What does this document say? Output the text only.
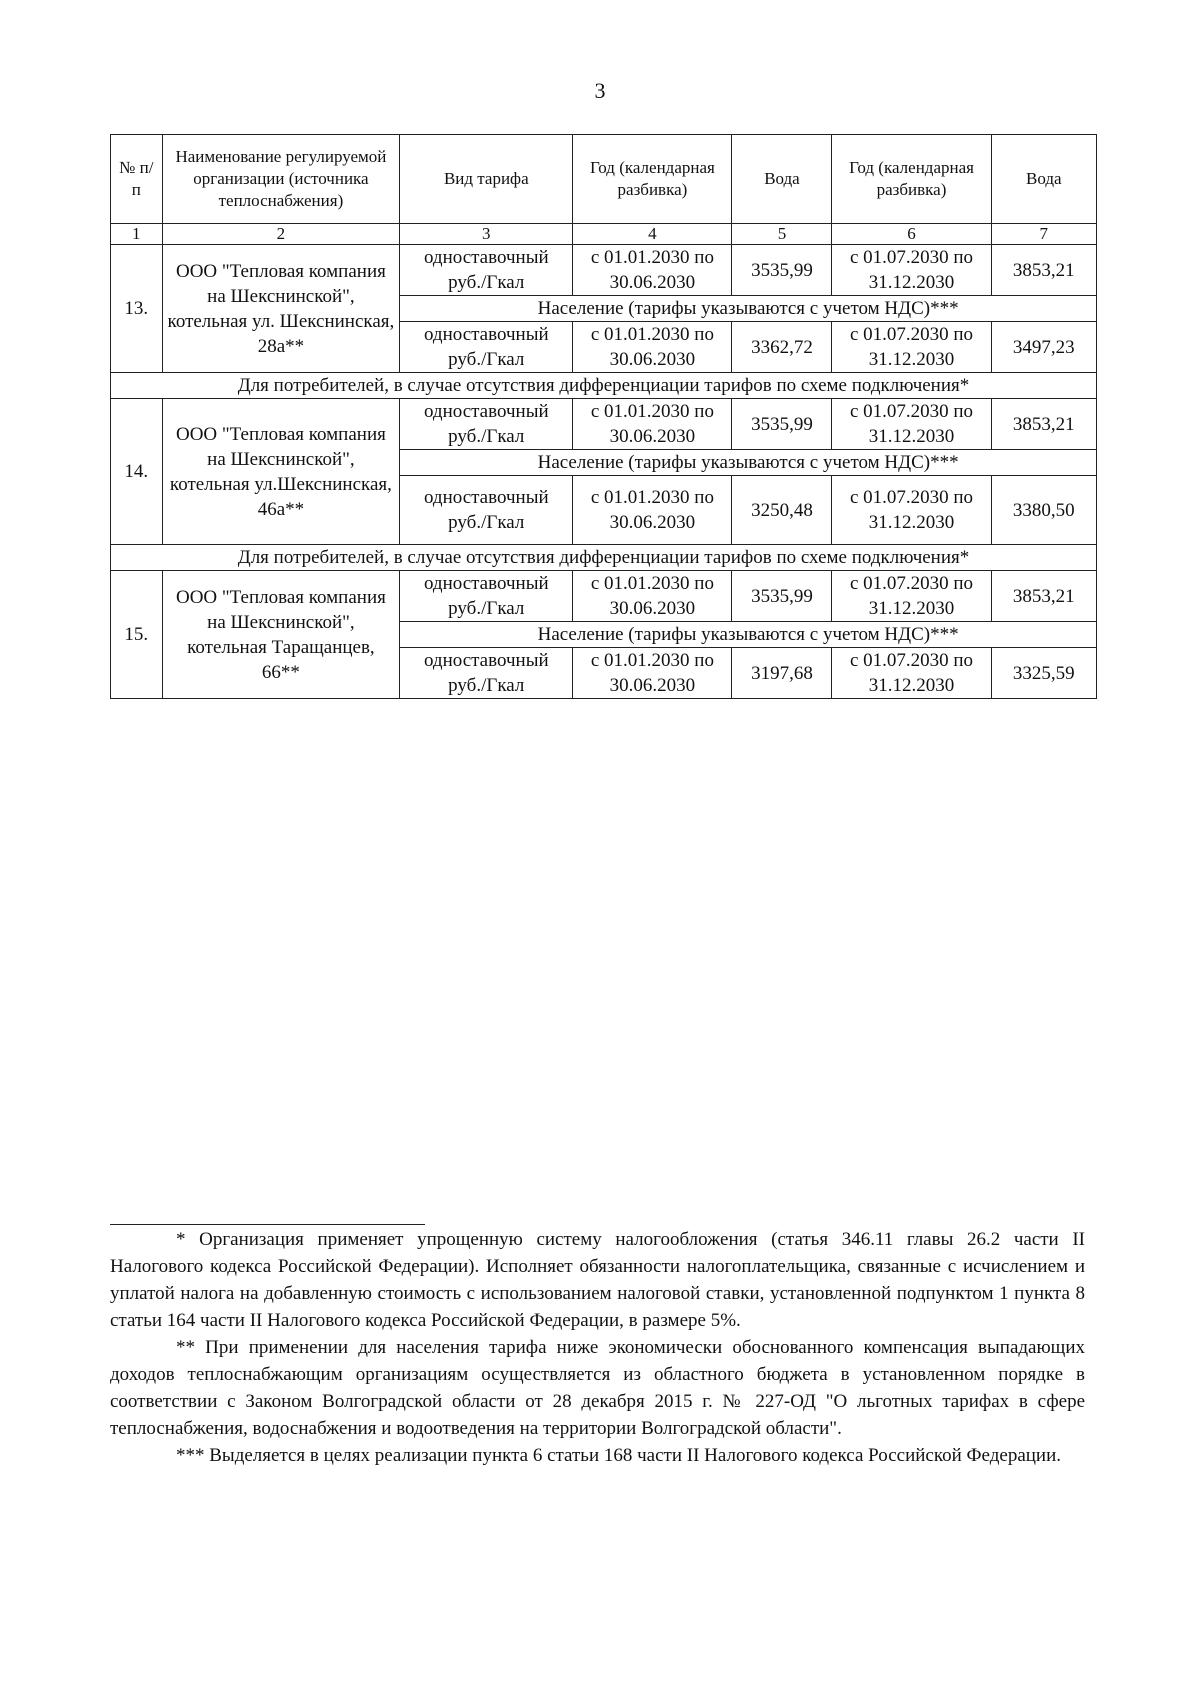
3
№ п/п	Наименование регулируемой организации (источника теплоснабжения)	Вид тарифа	Год (календарная разбивка)	Вода	Год (календарная разбивка)	Вода
1	2	3	4	5	6	7
13.	ООО "Тепловая компания на Шекснинской", котельная ул. Шекснинская, 28а**	одноставочный руб./Гкал	с 01.01.2030 по 30.06.2030	3535,99	с 01.07.2030 по 31.12.2030	3853,21
		Население (тарифы указываются с учетом НДС)***				
		одноставочный руб./Гкал	с 01.01.2030 по 30.06.2030	3362,72	с 01.07.2030 по 31.12.2030	3497,23
Для потребителей, в случае отсутствия дифференциации тарифов по схеме подключения*						
14.	ООО "Тепловая компания на Шекснинской", котельная ул.Шекснинская, 46а**	одноставочный руб./Гкал	с 01.01.2030 по 30.06.2030	3535,99	с 01.07.2030 по 31.12.2030	3853,21
		Население (тарифы указываются с учетом НДС)***				
		одноставочный руб./Гкал	с 01.01.2030 по 30.06.2030	3250,48	с 01.07.2030 по 31.12.2030	3380,50
Для потребителей, в случае отсутствия дифференциации тарифов по схеме подключения*						
15.	ООО "Тепловая компания на Шекснинской", котельная Таращанцев, 66**	одноставочный руб./Гкал	с 01.01.2030 по 30.06.2030	3535,99	с 01.07.2030 по 31.12.2030	3853,21
		Население (тарифы указываются с учетом НДС)***				
		одноставочный руб./Гкал	с 01.01.2030 по 30.06.2030	3197,68	с 01.07.2030 по 31.12.2030	3325,59

* Организация применяет упрощенную систему налогообложения (статья 346.11 главы 26.2 части II Налогового кодекса Российской Федерации). Исполняет обязанности налогоплательщика, связанные с исчислением и уплатой налога на добавленную стоимость с использованием налоговой ставки, установленной подпунктом 1 пункта 8 статьи 164 части II Налогового кодекса Российской Федерации, в размере 5%.

** При применении для населения тарифа ниже экономически обоснованного компенсация выпадающих доходов теплоснабжающим организациям осуществляется из областного бюджета в установленном порядке в соответствии с Законом Волгоградской области от 28 декабря 2015 г. № 227-ОД "О льготных тарифах в сфере теплоснабжения, водоснабжения и водоотведения на территории Волгоградской области".

*** Выделяется в целях реализации пункта 6 статьи 168 части II Налогового кодекса Российской Федерации.
